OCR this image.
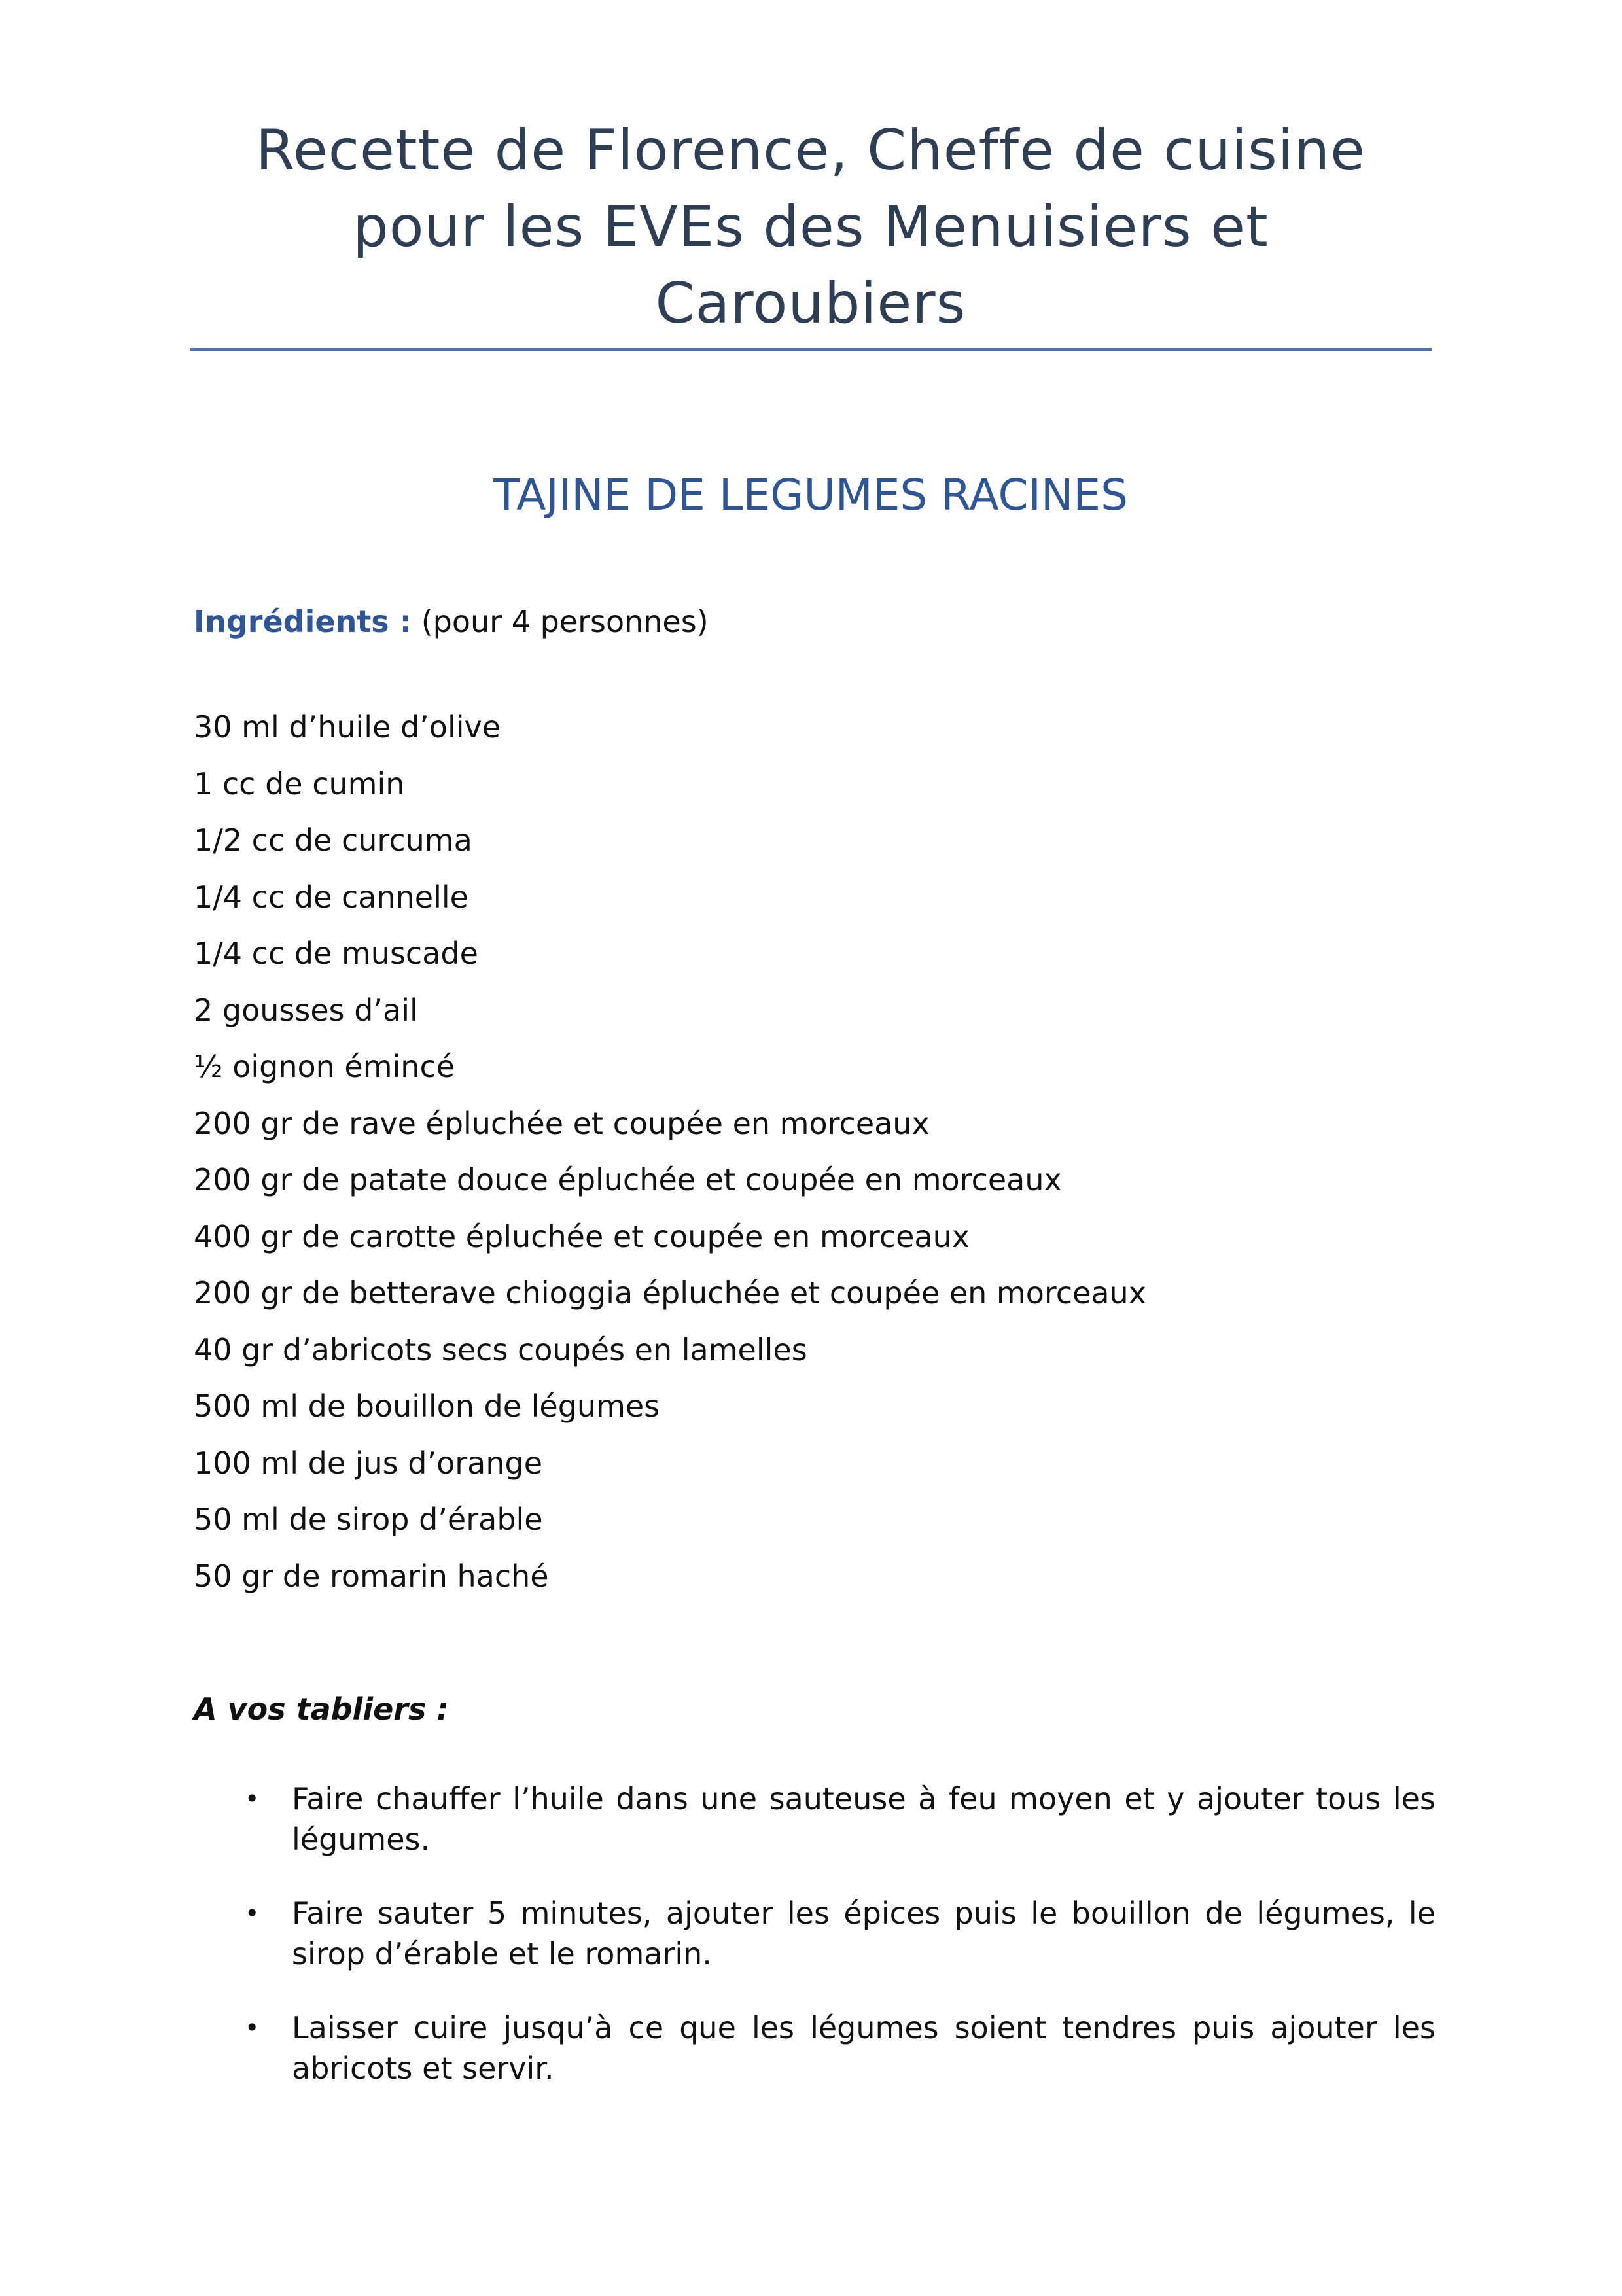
Recette de Florence, Cheffe de cuisine
pour les EVEs des Menuisiers et
Caroubiers
TAJINE DE LEGUMES RACINES
Ingrédients : (pour 4 personnes)
30 ml d’huile d’olive
1 cc de cumin
1/2 cc de curcuma
1/4 cc de cannelle
1/4 cc de muscade
2 gousses d’ail
½ oignon émincé
200 gr de rave épluchée et coupée en morceaux
200 gr de patate douce épluchée et coupée en morceaux
400 gr de carotte épluchée et coupée en morceaux
200 gr de betterave chioggia épluchée et coupée en morceaux
40 gr d’abricots secs coupés en lamelles
500 ml de bouillon de légumes
100 ml de jus d’orange
50 ml de sirop d’érable
50 gr de romarin haché
A vos tabliers :
• Faire chauffer l’huile dans une sauteuse à feu moyen et y ajouter tous les légumes.
• Faire sauter 5 minutes, ajouter les épices puis le bouillon de légumes, le sirop d’érable et le romarin.
• Laisser cuire jusqu’à ce que les légumes soient tendres puis ajouter les abricots et servir.
